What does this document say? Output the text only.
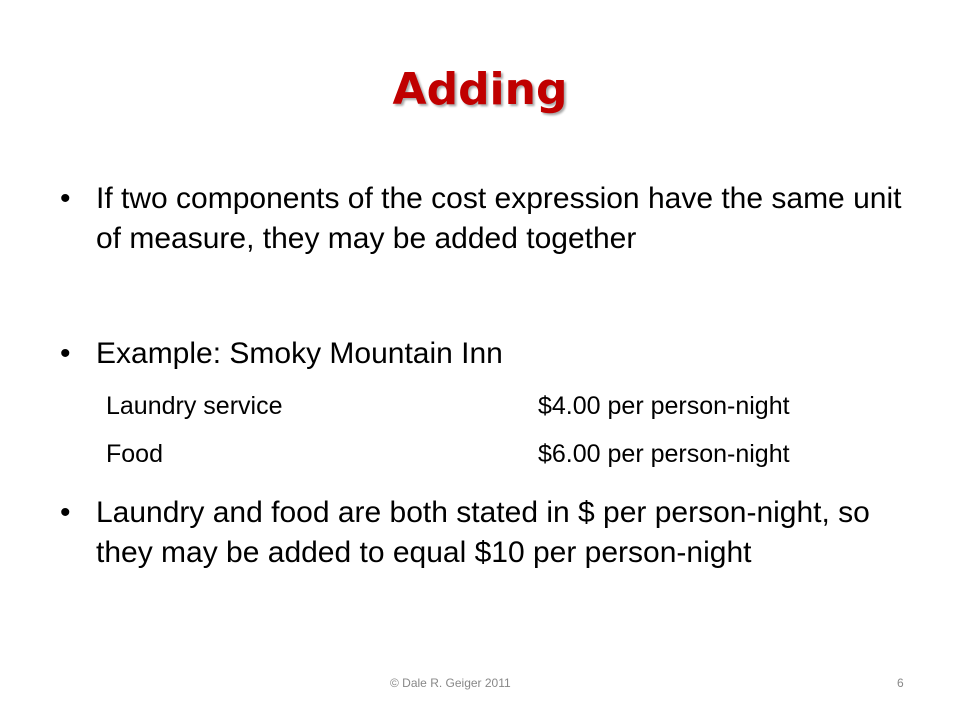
Adding
• If two components of the cost expression have the same unit of measure, they may be added together
• Example: Smoky Mountain Inn
Laundry service	$4.00 per person-night
Food	$6.00 per person-night
• Laundry and food are both stated in $ per person-night, so they may be added to equal $10 per person-night
© Dale R. Geiger 2011	6
